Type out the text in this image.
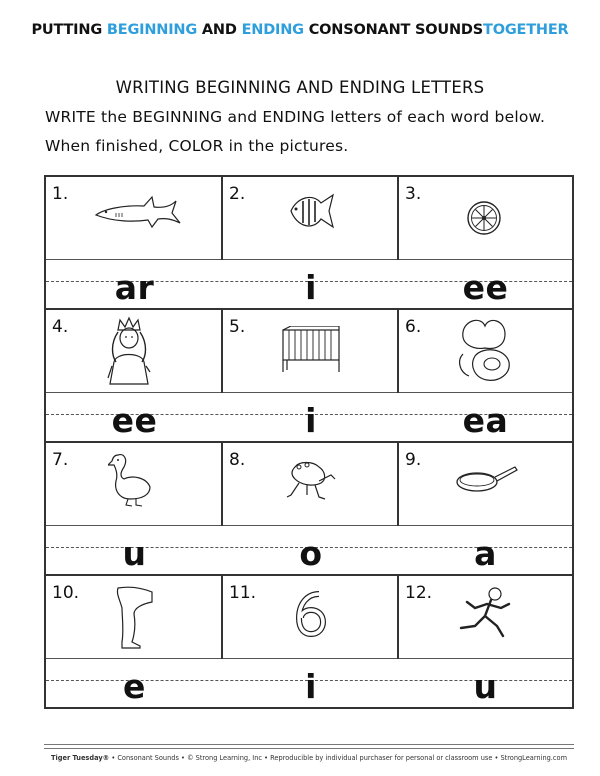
PUTTING BEGINNING AND ENDING CONSONANT SOUNDSTOGETHER
WRITING BEGINNING AND ENDING LETTERS
WRITE the BEGINNING and ENDING letters of each word below.
When finished, COLOR in the pictures.
1.	2.	3.
ar	i	ee
4.	5.	6.
ee	i	ea
7.	8.	9.
u	o	a
10.	11.	12.
e	i	u
Tiger Tuesday® • Consonant Sounds • © Strong Learning, Inc • Reproducible by individual purchaser for personal or classroom use • StrongLearning.com
